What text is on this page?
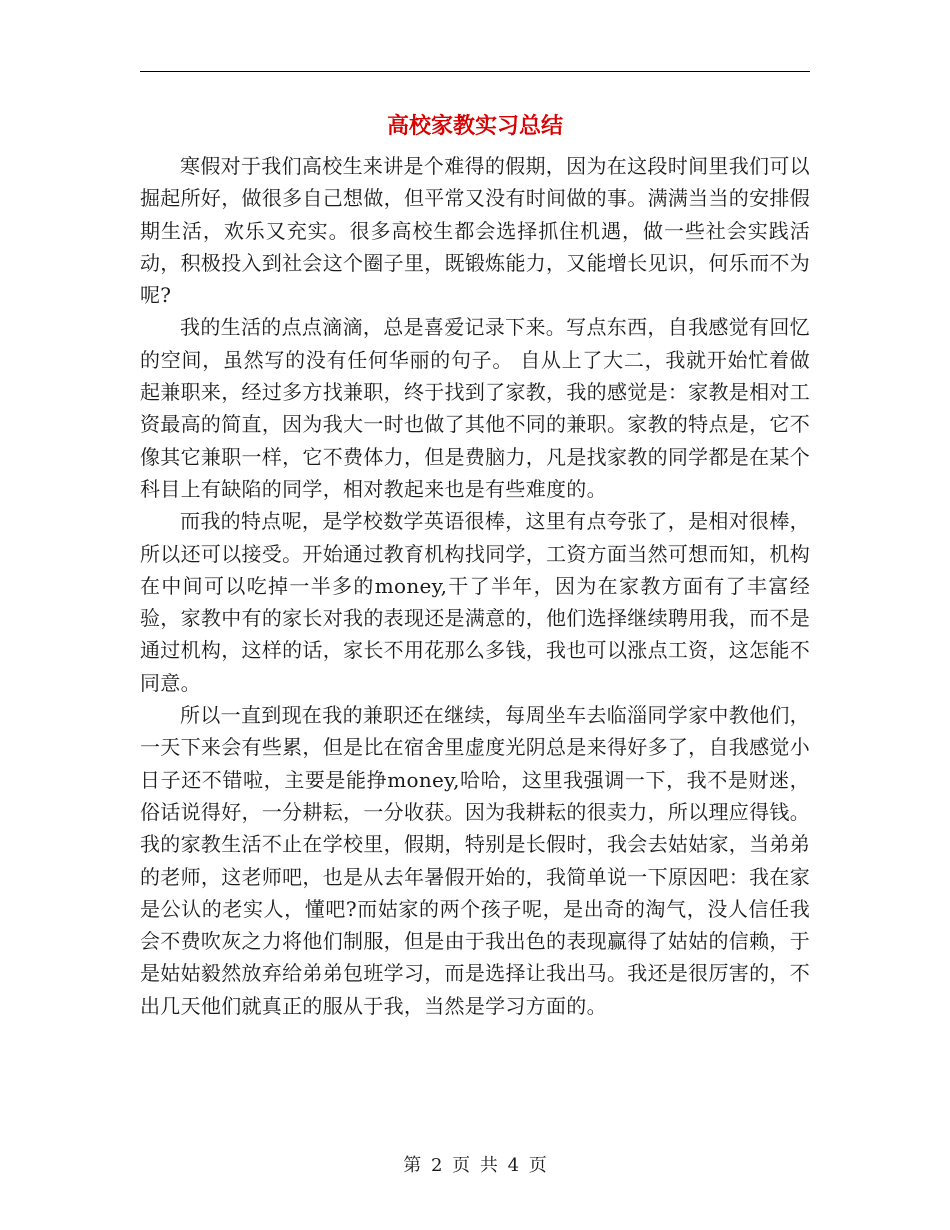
高校家教实习总结

寒假对于我们高校生来讲是个难得的假期，因为在这段时间里我们可以掘起所好，做很多自己想做，但平常又没有时间做的事。满满当当的安排假期生活，欢乐又充实。很多高校生都会选择抓住机遇，做一些社会实践活动，积极投入到社会这个圈子里，既锻炼能力，又能增长见识，何乐而不为呢?

我的生活的点点滴滴，总是喜爱记录下来。写点东西，自我感觉有回忆的空间，虽然写的没有任何华丽的句子。 自从上了大二，我就开始忙着做起兼职来，经过多方找兼职，终于找到了家教，我的感觉是：家教是相对工资最高的简直，因为我大一时也做了其他不同的兼职。家教的特点是，它不像其它兼职一样，它不费体力，但是费脑力，凡是找家教的同学都是在某个科目上有缺陷的同学，相对教起来也是有些难度的。

而我的特点呢，是学校数学英语很棒，这里有点夸张了，是相对很棒，所以还可以接受。开始通过教育机构找同学，工资方面当然可想而知，机构在中间可以吃掉一半多的money,干了半年，因为在家教方面有了丰富经验，家教中有的家长对我的表现还是满意的，他们选择继续聘用我，而不是通过机构，这样的话，家长不用花那么多钱，我也可以涨点工资，这怎能不同意。

所以一直到现在我的兼职还在继续，每周坐车去临淄同学家中教他们，一天下来会有些累，但是比在宿舍里虚度光阴总是来得好多了，自我感觉小日子还不错啦，主要是能挣money,哈哈，这里我强调一下，我不是财迷，俗话说得好，一分耕耘，一分收获。因为我耕耘的很卖力，所以理应得钱。 我的家教生活不止在学校里，假期，特别是长假时，我会去姑姑家，当弟弟的老师，这老师吧，也是从去年暑假开始的，我简单说一下原因吧：我在家是公认的老实人，懂吧?而姑家的两个孩子呢，是出奇的淘气，没人信任我会不费吹灰之力将他们制服，但是由于我出色的表现赢得了姑姑的信赖，于是姑姑毅然放弃给弟弟包班学习，而是选择让我出马。我还是很厉害的，不出几天他们就真正的服从于我，当然是学习方面的。

第 2 页 共 4 页
